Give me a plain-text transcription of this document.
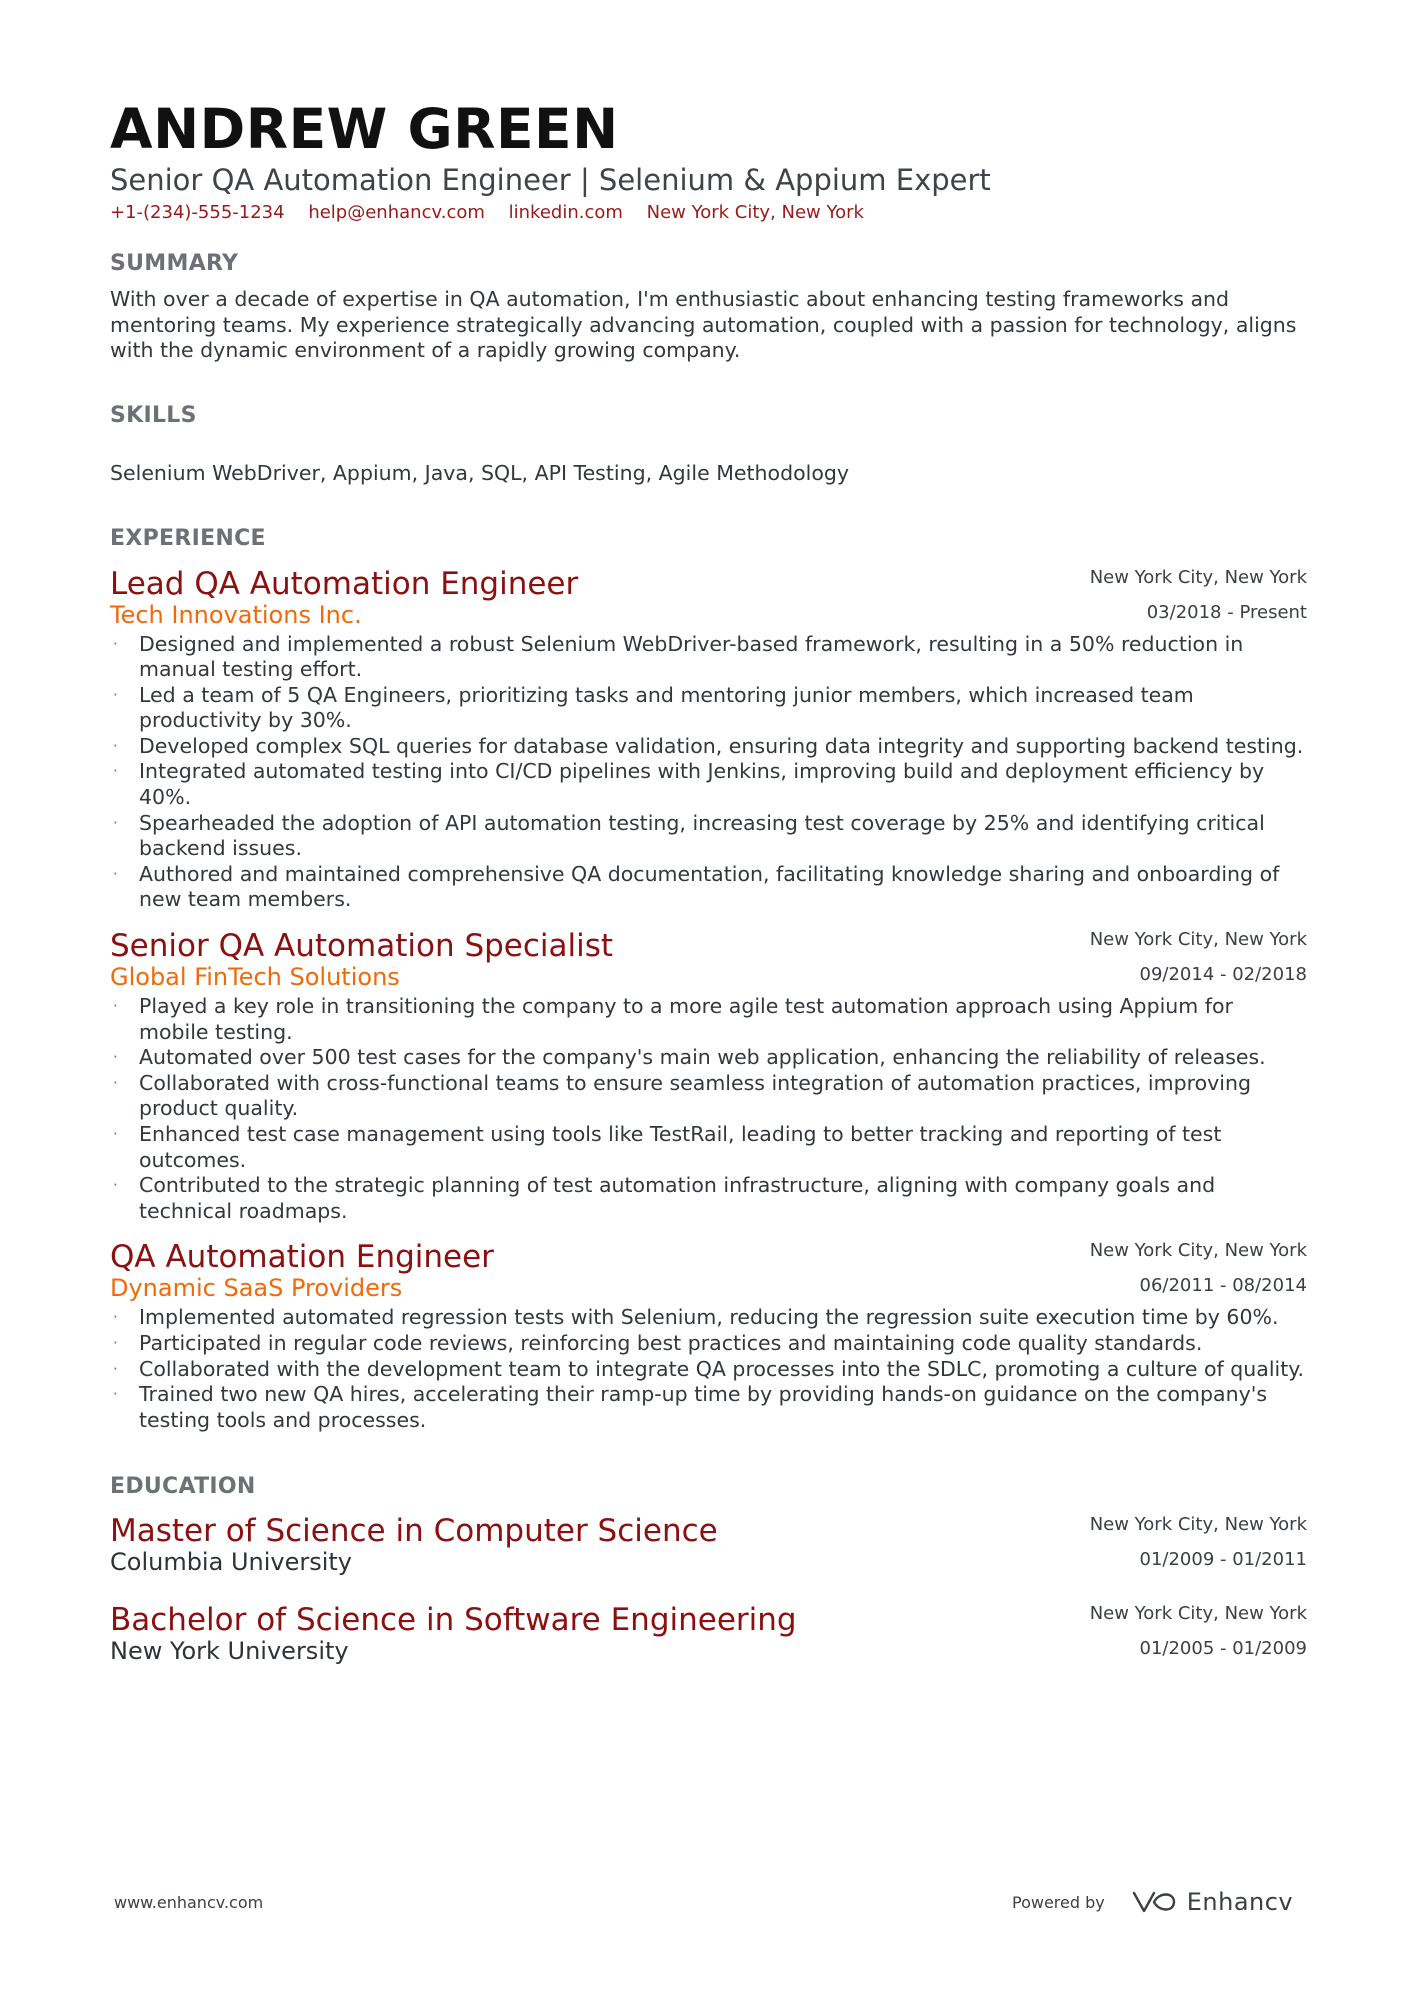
ANDREW GREEN
Senior QA Automation Engineer | Selenium & Appium Expert
+1-(234)-555-1234 help@enhancv.com linkedin.com New York City, New York
SUMMARY
With over a decade of expertise in QA automation, I'm enthusiastic about enhancing testing frameworks and mentoring teams. My experience strategically advancing automation, coupled with a passion for technology, aligns with the dynamic environment of a rapidly growing company.
SKILLS
Selenium WebDriver, Appium, Java, SQL, API Testing, Agile Methodology
EXPERIENCE
Lead QA Automation Engineer
Tech Innovations Inc.
New York City, New York
03/2018 - Present
·	Designed and implemented a robust Selenium WebDriver-based framework, resulting in a 50% reduction in manual testing effort.
·	Led a team of 5 QA Engineers, prioritizing tasks and mentoring junior members, which increased team productivity by 30%.
·	Developed complex SQL queries for database validation, ensuring data integrity and supporting backend testing.
·	Integrated automated testing into CI/CD pipelines with Jenkins, improving build and deployment efficiency by 40%.
·	Spearheaded the adoption of API automation testing, increasing test coverage by 25% and identifying critical backend issues.
·	Authored and maintained comprehensive QA documentation, facilitating knowledge sharing and onboarding of new team members.
Senior QA Automation Specialist
Global FinTech Solutions
New York City, New York
09/2014 - 02/2018
·	Played a key role in transitioning the company to a more agile test automation approach using Appium for mobile testing.
·	Automated over 500 test cases for the company's main web application, enhancing the reliability of releases.
·	Collaborated with cross-functional teams to ensure seamless integration of automation practices, improving product quality.
·	Enhanced test case management using tools like TestRail, leading to better tracking and reporting of test outcomes.
·	Contributed to the strategic planning of test automation infrastructure, aligning with company goals and technical roadmaps.
QA Automation Engineer
Dynamic SaaS Providers
New York City, New York
06/2011 - 08/2014
·	Implemented automated regression tests with Selenium, reducing the regression suite execution time by 60%.
·	Participated in regular code reviews, reinforcing best practices and maintaining code quality standards.
·	Collaborated with the development team to integrate QA processes into the SDLC, promoting a culture of quality.
·	Trained two new QA hires, accelerating their ramp-up time by providing hands-on guidance on the company's testing tools and processes.
EDUCATION
Master of Science in Computer Science
Columbia University
New York City, New York
01/2009 - 01/2011
Bachelor of Science in Software Engineering
New York University
New York City, New York
01/2005 - 01/2009
www.enhancv.com	Powered by	Enhancv
